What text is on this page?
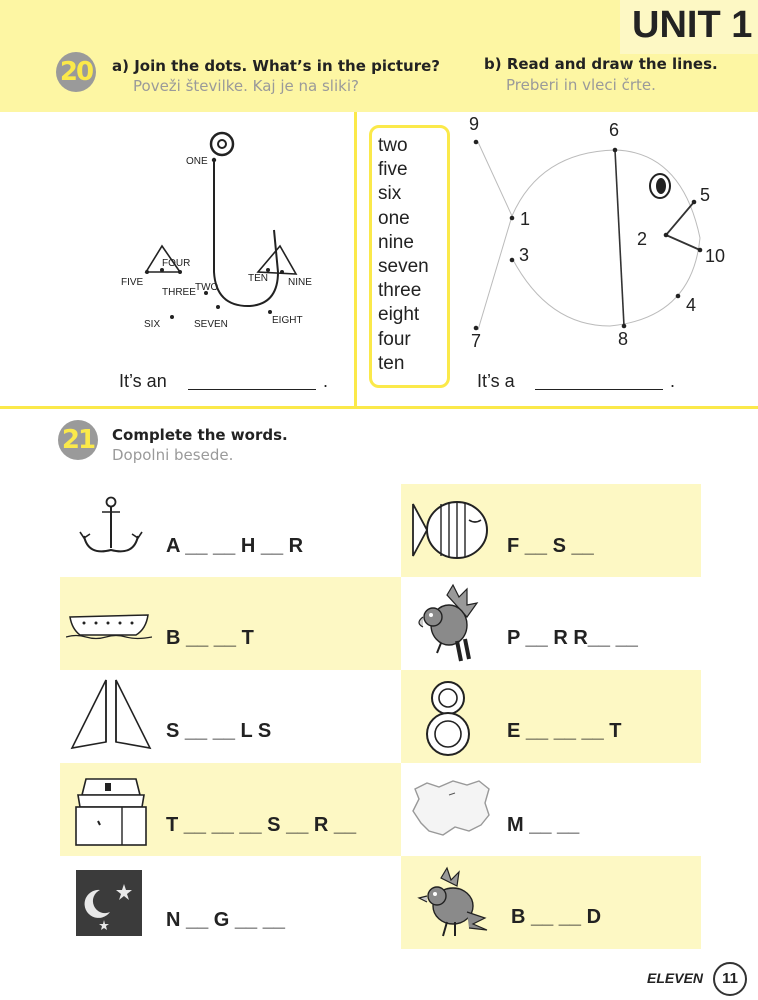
UNIT 1
20 a) Join the dots. What’s in the picture?
Poveži številke. Kaj je na sliki?
b) Read and draw the lines.
Preberi in vleci črte.
ONE
TWO
THREE
FOUR
FIVE
SIX	SEVEN	EIGHT
NINE
TEN
It’s an	.
two
five
six
one
nine
seven
three
eight
four
ten
9	6
1
5
2
10
3
4
7	8
It’s a	.
21 Complete the words.
Dopolni besede.
A __ __ H __ R	F __ S __
B __ __ T	P __ R R__ __
S __ __ L S	E __ __ __ T
T __ __ __ S __ R __	M __ __
N __ G __ __	B __ __ D
ELEVEN	11
